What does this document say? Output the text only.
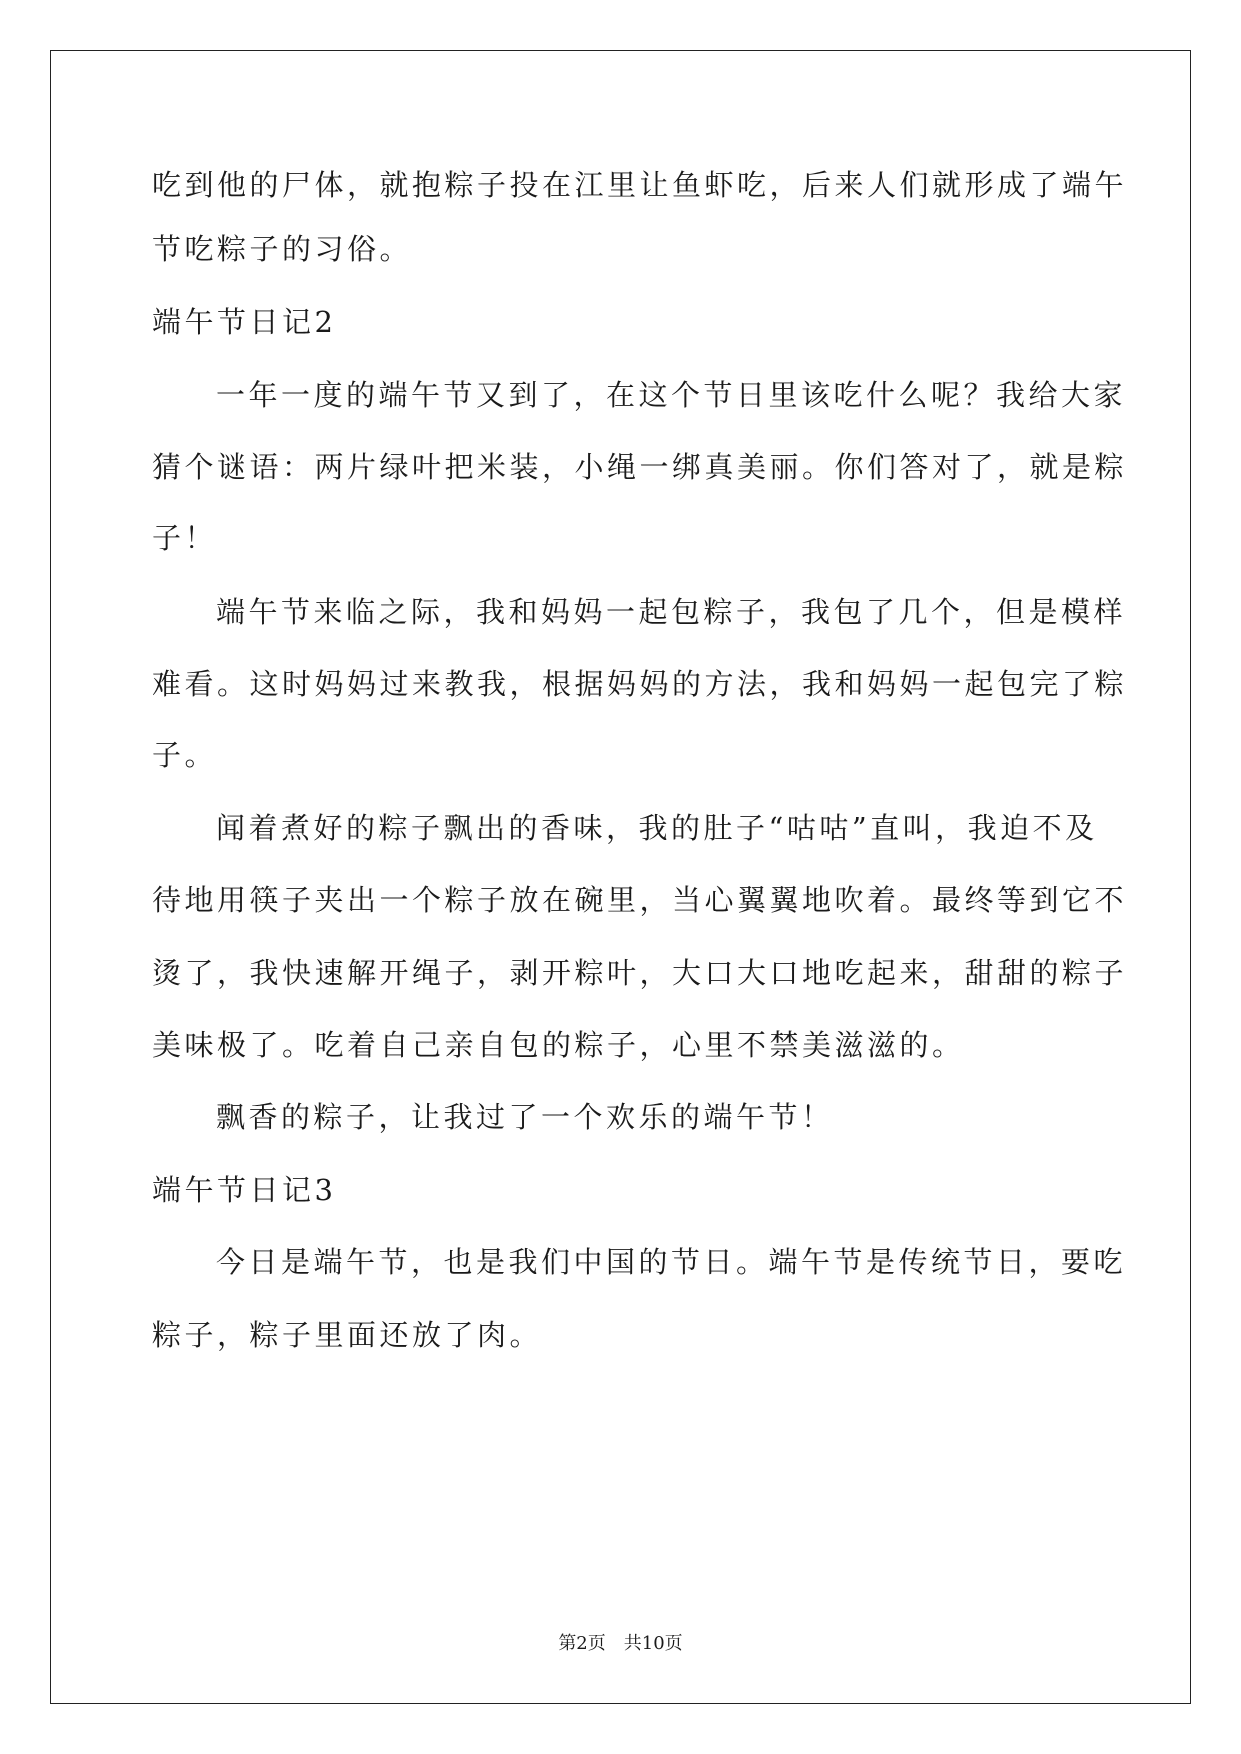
吃到他的尸体，就抱粽子投在江里让鱼虾吃，后来人们就形成了端午
节吃粽子的习俗。
端午节日记2
一年一度的端午节又到了，在这个节日里该吃什么呢？我给大家
猜个谜语：两片绿叶把米装，小绳一绑真美丽。你们答对了，就是粽
子！
端午节来临之际，我和妈妈一起包粽子，我包了几个，但是模样
难看。这时妈妈过来教我，根据妈妈的方法，我和妈妈一起包完了粽
子。
闻着煮好的粽子飘出的香味，我的肚子“咕咕”直叫，我迫不及
待地用筷子夹出一个粽子放在碗里，当心翼翼地吹着。最终等到它不
烫了，我快速解开绳子，剥开粽叶，大口大口地吃起来，甜甜的粽子
美味极了。吃着自己亲自包的粽子，心里不禁美滋滋的。
飘香的粽子，让我过了一个欢乐的端午节！
端午节日记3
今日是端午节，也是我们中国的节日。端午节是传统节日，要吃
粽子，粽子里面还放了肉。
第2页 共10页
